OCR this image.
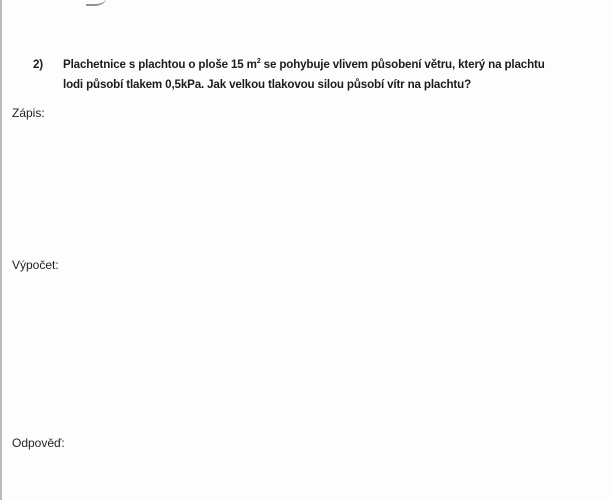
2) Plachetnice s plachtou o ploše 15 $m^2$ se pohybuje vlivem působení větru, který na plachtu
lodi působí tlakem 0,5kPa. Jak velkou tlakovou silou působí vítr na plachtu?
Zápis:
Výpočet:
Odpověď:
